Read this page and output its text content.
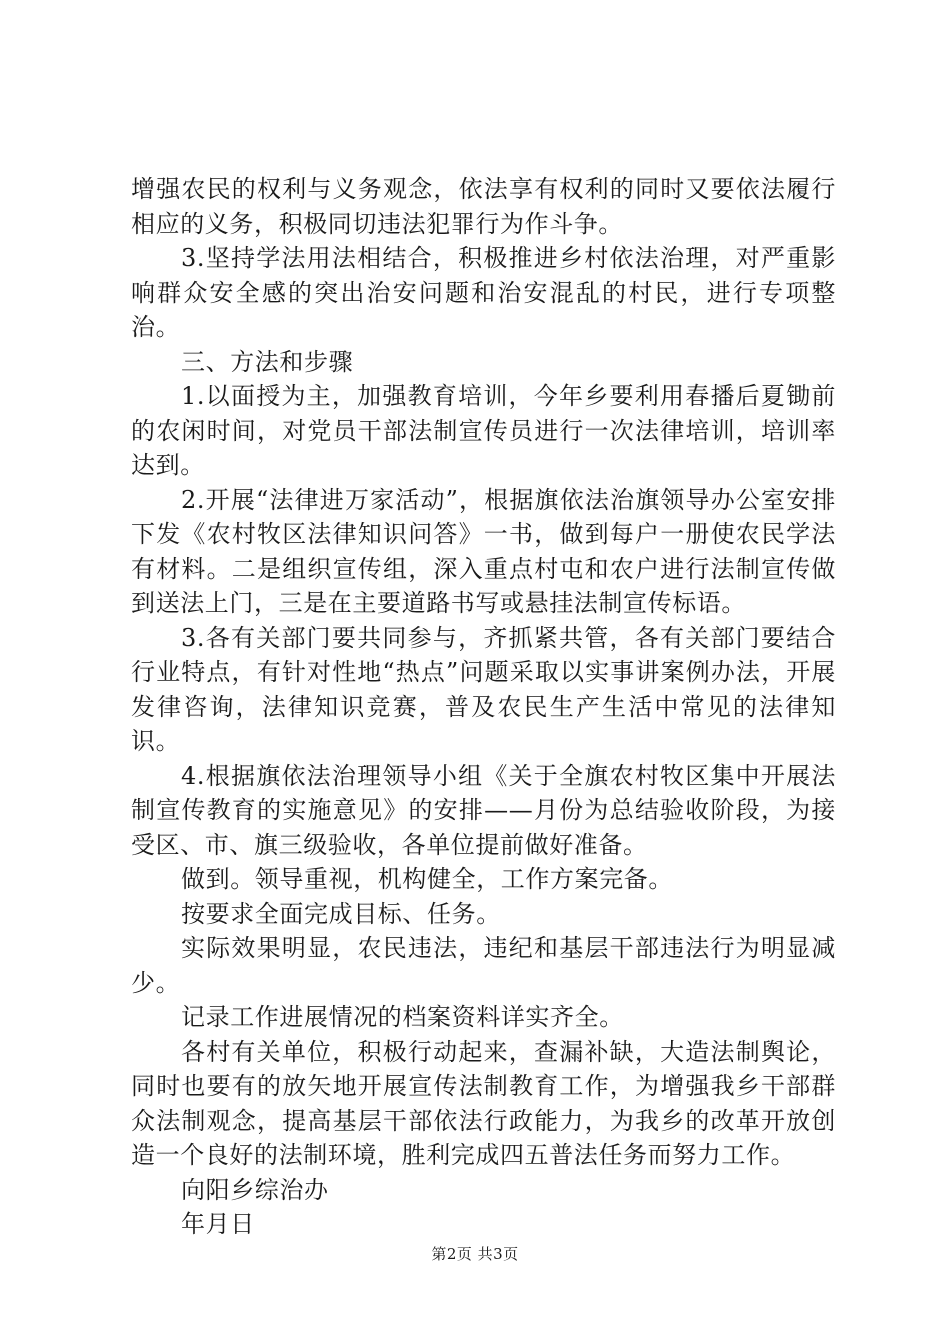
增强农民的权利与义务观念，依法享有权利的同时又要依法履行相应的义务，积极同切违法犯罪行为作斗争。

3.坚持学法用法相结合，积极推进乡村依法治理，对严重影响群众安全感的突出治安问题和治安混乱的村民，进行专项整治。

三、方法和步骤

1.以面授为主，加强教育培训，今年乡要利用春播后夏锄前的农闲时间，对党员干部法制宣传员进行一次法律培训，培训率达到。

2.开展“法律进万家活动”，根据旗依法治旗领导办公室安排下发《农村牧区法律知识问答》一书，做到每户一册使农民学法有材料。二是组织宣传组，深入重点村屯和农户进行法制宣传做到送法上门，三是在主要道路书写或悬挂法制宣传标语。

3.各有关部门要共同参与，齐抓紧共管，各有关部门要结合行业特点，有针对性地“热点”问题采取以实事讲案例办法，开展发律咨询，法律知识竞赛，普及农民生产生活中常见的法律知识。

4.根据旗依法治理领导小组《关于全旗农村牧区集中开展法制宣传教育的实施意见》的安排——月份为总结验收阶段，为接受区、市、旗三级验收，各单位提前做好准备。

做到。领导重视，机构健全，工作方案完备。

按要求全面完成目标、任务。

实际效果明显，农民违法，违纪和基层干部违法行为明显减少。

记录工作进展情况的档案资料详实齐全。

各村有关单位，积极行动起来，查漏补缺，大造法制舆论，同时也要有的放矢地开展宣传法制教育工作，为增强我乡干部群众法制观念，提高基层干部依法行政能力，为我乡的改革开放创造一个良好的法制环境，胜利完成四五普法任务而努力工作。

向阳乡综治办

年月日

第2页 共3页
